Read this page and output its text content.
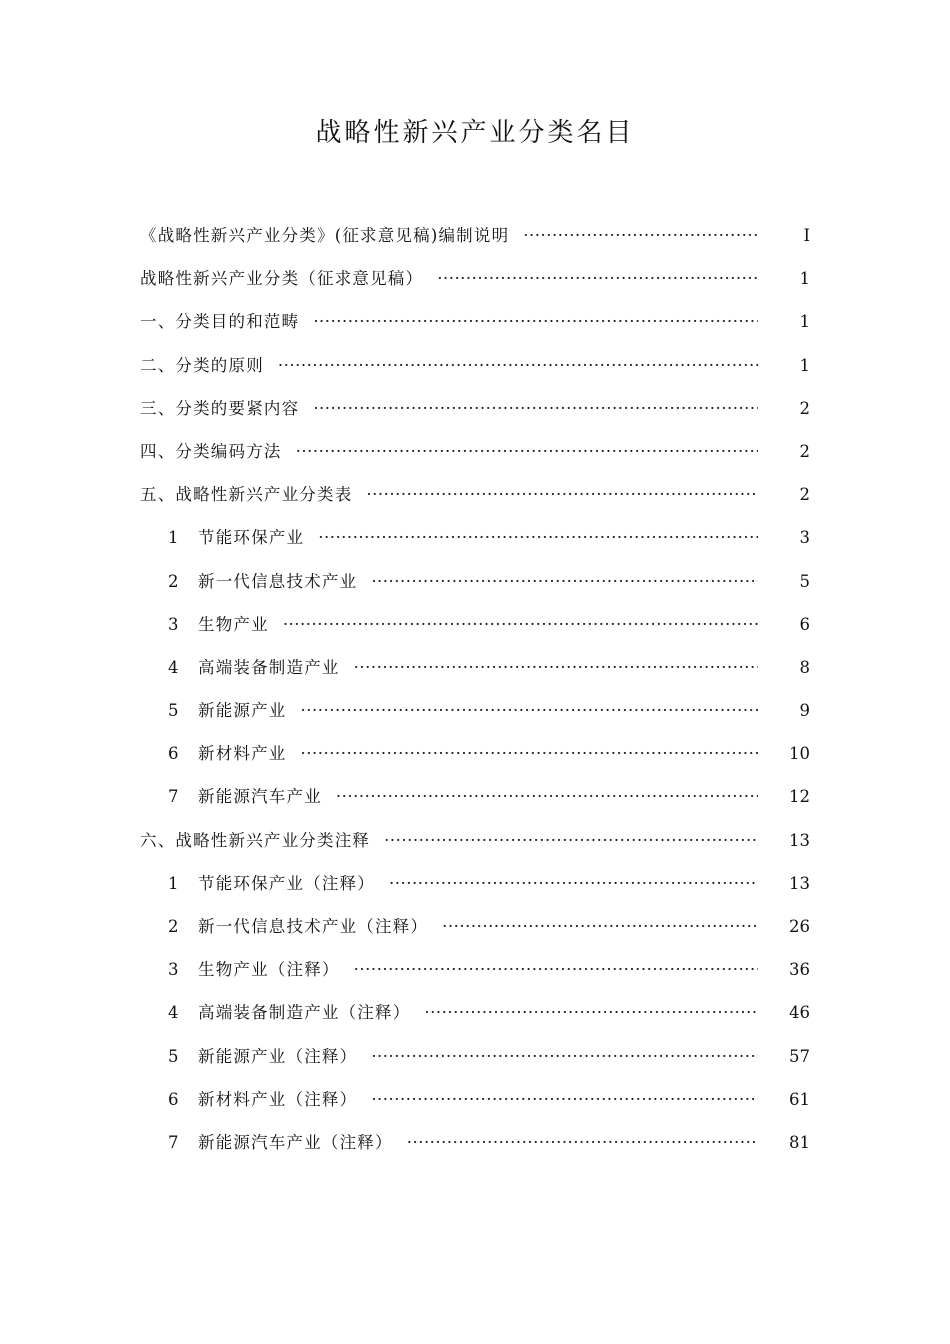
战略性新兴产业分类名目
《战略性新兴产业分类》(征求意见稿)编制说明 ·····	I
战略性新兴产业分类（征求意见稿） ·····	1
一、分类目的和范畴 ·····	1
二、分类的原则 ·····	1
三、分类的要紧内容 ·····	2
四、分类编码方法 ·····	2
五、战略性新兴产业分类表 ·····	2
1 节能环保产业 ·····	3
2 新一代信息技术产业 ·····	5
3 生物产业 ·····	6
4 高端装备制造产业 ·····	8
5 新能源产业 ·····	9
6 新材料产业 ·····	10
7 新能源汽车产业 ·····	12
六、战略性新兴产业分类注释 ·····	13
1 节能环保产业（注释） ·····	13
2 新一代信息技术产业（注释） ·····	26
3 生物产业（注释） ·····	36
4 高端装备制造产业（注释） ·····	46
5 新能源产业（注释） ·····	57
6 新材料产业（注释） ·····	61
7 新能源汽车产业（注释） ·····	81
